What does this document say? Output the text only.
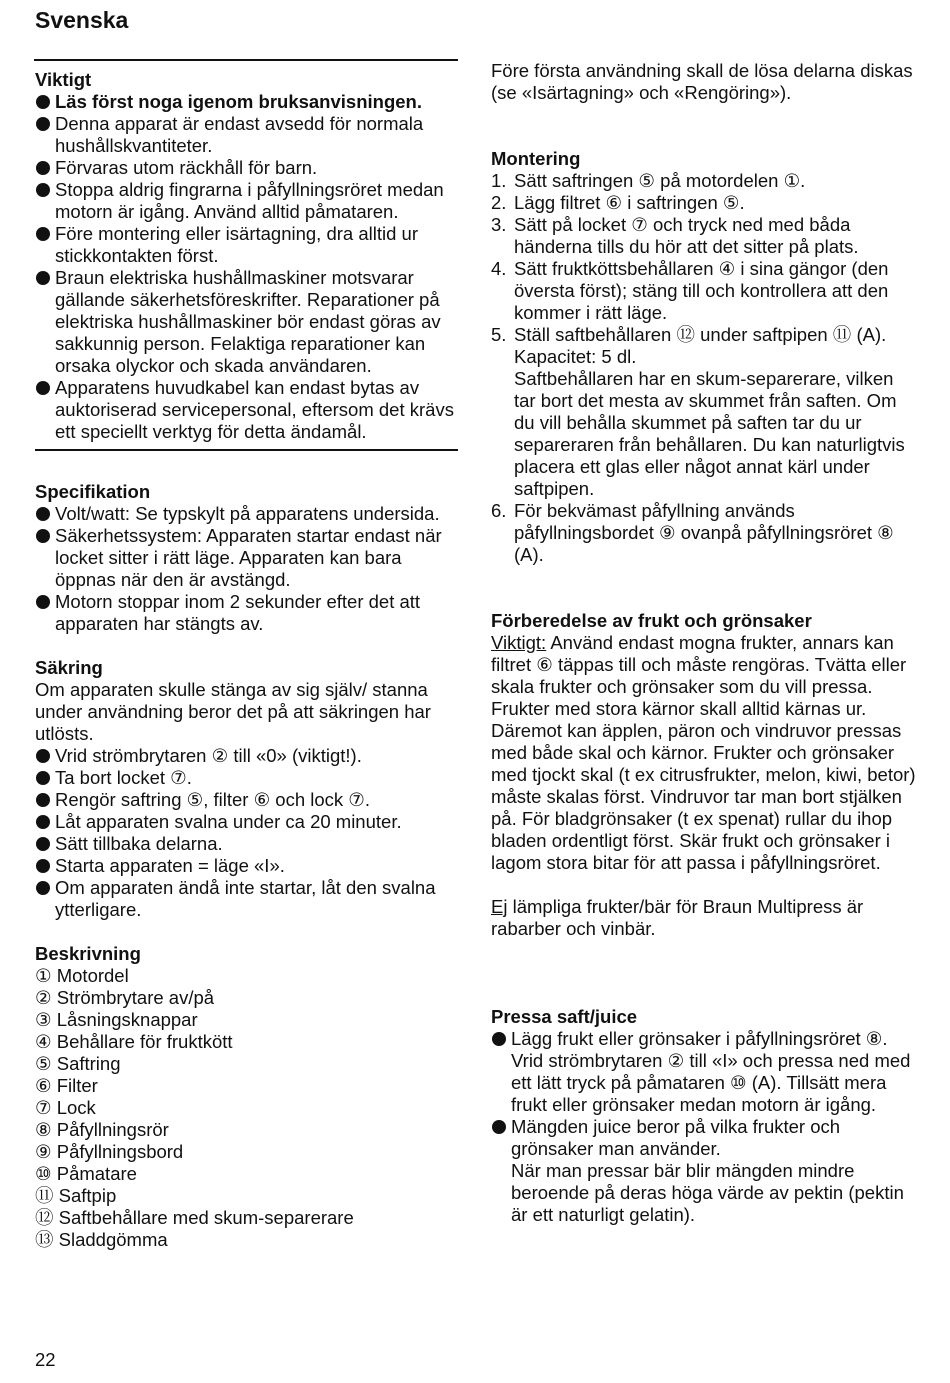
Svenska

Viktigt

Läs först noga igenom bruksanvisningen.
Denna apparat är endast avsedd för normala hushållskvantiteter.
Förvaras utom räckhåll för barn.
Stoppa aldrig fingrarna i påfyllningsröret medan motorn är igång. Använd alltid påmataren.
Före montering eller isärtagning, dra alltid ur stickkontakten först.
Braun elektriska hushållmaskiner motsvarar gällande säkerhetsföreskrifter. Reparationer på elektriska hushållmaskiner bör endast göras av sakkunnig person. Felaktiga reparationer kan orsaka olyckor och skada användaren.
Apparatens huvudkabel kan endast bytas av auktoriserad servicepersonal, eftersom det krävs ett speciellt verktyg för detta ändamål.

Specifikation

Volt/watt: Se typskylt på apparatens undersida.
Säkerhetssystem: Apparaten startar endast när locket sitter i rätt läge. Apparaten kan bara öppnas när den är avstängd.
Motorn stoppar inom 2 sekunder efter det att apparaten har stängts av.

Säkring

Om apparaten skulle stänga av sig själv/ stanna under användning beror det på att säkringen har utlösts.

Vrid strömbrytaren ② till «0» (viktigt!).
Ta bort locket ⑦.
Rengör saftring ⑤, filter ⑥ och lock ⑦.
Låt apparaten svalna under ca 20 minuter.
Sätt tillbaka delarna.
Starta apparaten = läge «I».
Om apparaten ändå inte startar, låt den svalna ytterligare.

Beskrivning

① Motordel
② Strömbrytare av/på
③ Låsningsknappar
④ Behållare för fruktkött
⑤ Saftring
⑥ Filter
⑦ Lock
⑧ Påfyllningsrör
⑨ Påfyllningsbord
⑩ Påmatare
⑪ Saftpip
⑫ Saftbehållare med skum-separerare
⑬ Sladdgömma

Före första användning skall de lösa delarna diskas (se «Isärtagning» och «Rengöring»).

Montering

1. Sätt saftringen ⑤ på motordelen ①.
2. Lägg filtret ⑥ i saftringen ⑤.
3. Sätt på locket ⑦ och tryck ned med båda händerna tills du hör att det sitter på plats.
4. Sätt fruktköttsbehållaren ④ i sina gängor (den översta först); stäng till och kontrollera att den kommer i rätt läge.
5. Ställ saftbehållaren ⑫ under saftpipen ⑪ (A). Kapacitet: 5 dl.
Saftbehållaren har en skum-separerare, vilken tar bort det mesta av skummet från saften. Om du vill behålla skummet på saften tar du ur separeraren från behållaren. Du kan naturligtvis placera ett glas eller något annat kärl under saftpipen.
6. För bekvämast påfyllning används påfyllningsbordet ⑨ ovanpå påfyllningsröret ⑧ (A).

Förberedelse av frukt och grönsaker

Viktigt: Använd endast mogna frukter, annars kan filtret ⑥ täppas till och måste rengöras. Tvätta eller skala frukter och grönsaker som du vill pressa. Frukter med stora kärnor skall alltid kärnas ur. Däremot kan äpplen, päron och vindruvor pressas med både skal och kärnor. Frukter och grönsaker med tjockt skal (t ex citrusfrukter, melon, kiwi, betor) måste skalas först. Vindruvor tar man bort stjälken på. För bladgrönsaker (t ex spenat) rullar du ihop bladen ordentligt först. Skär frukt och grönsaker i lagom stora bitar för att passa i påfyllningsröret.

Ej lämpliga frukter/bär för Braun Multipress är rabarber och vinbär.

Pressa saft/juice

Lägg frukt eller grönsaker i påfyllningsröret ⑧. Vrid strömbrytaren ② till «I» och pressa ned med ett lätt tryck på påmataren ⑩ (A). Tillsätt mera frukt eller grönsaker medan motorn är igång.
Mängden juice beror på vilka frukter och grönsaker man använder.
När man pressar bär blir mängden mindre beroende på deras höga värde av pektin (pektin är ett naturligt gelatin).
22
